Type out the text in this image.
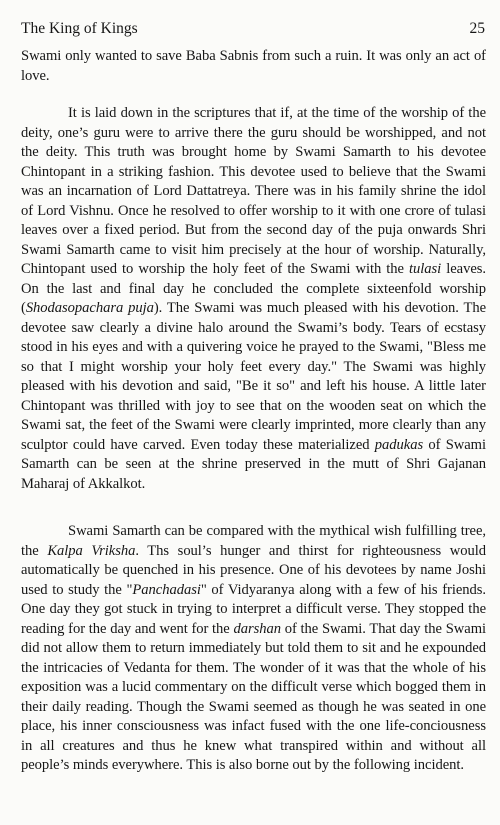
The King of Kings	25

Swami only wanted to save Baba Sabnis from such a ruin. It was only an act of love.

It is laid down in the scriptures that if, at the time of the worship of the deity, one’s guru were to arrive there the guru should be worshipped, and not the deity. This truth was brought home by Swami Samarth to his devotee Chintopant in a striking fashion. This devotee used to believe that the Swami was an incarnation of Lord Dattatreya. There was in his family shrine the idol of Lord Vishnu. Once he resolved to offer worship to it with one crore of tulasi leaves over a fixed period. But from the second day of the puja onwards Shri Swami Samarth came to visit him precisely at the hour of worship. Naturally, Chintopant used to worship the holy feet of the Swami with the tulasi leaves. On the last and final day he concluded the complete sixteenfold worship (Shodasopachara puja). The Swami was much pleased with his devotion. The devotee saw clearly a divine halo around the Swami’s body. Tears of ecstasy stood in his eyes and with a quivering voice he prayed to the Swami, "Bless me so that I might worship your holy feet every day." The Swami was highly pleased with his devotion and said, "Be it so" and left his house. A little later Chintopant was thrilled with joy to see that on the wooden seat on which the Swami sat, the feet of the Swami were clearly imprinted, more clearly than any sculptor could have carved. Even today these materialized padukas of Swami Samarth can be seen at the shrine preserved in the mutt of Shri Gajanan Maharaj of Akkalkot.

Swami Samarth can be compared with the mythical wish fulfilling tree, the Kalpa Vriksha. Ths soul’s hunger and thirst for righteousness would automatically be quenched in his presence. One of his devotees by name Joshi used to study the "Panchadasi" of Vidyaranya along with a few of his friends. One day they got stuck in trying to interpret a difficult verse. They stopped the reading for the day and went for the darshan of the Swami. That day the Swami did not allow them to return immediately but told them to sit and he expounded the intricacies of Vedanta for them. The wonder of it was that the whole of his exposition was a lucid commentary on the difficult verse which bogged them in their daily reading. Though the Swami seemed as though he was seated in one place, his inner consciousness was infact fused with the one life-conciousness in all creatures and thus he knew what transpired within and without all people’s minds everywhere. This is also borne out by the following incident.
